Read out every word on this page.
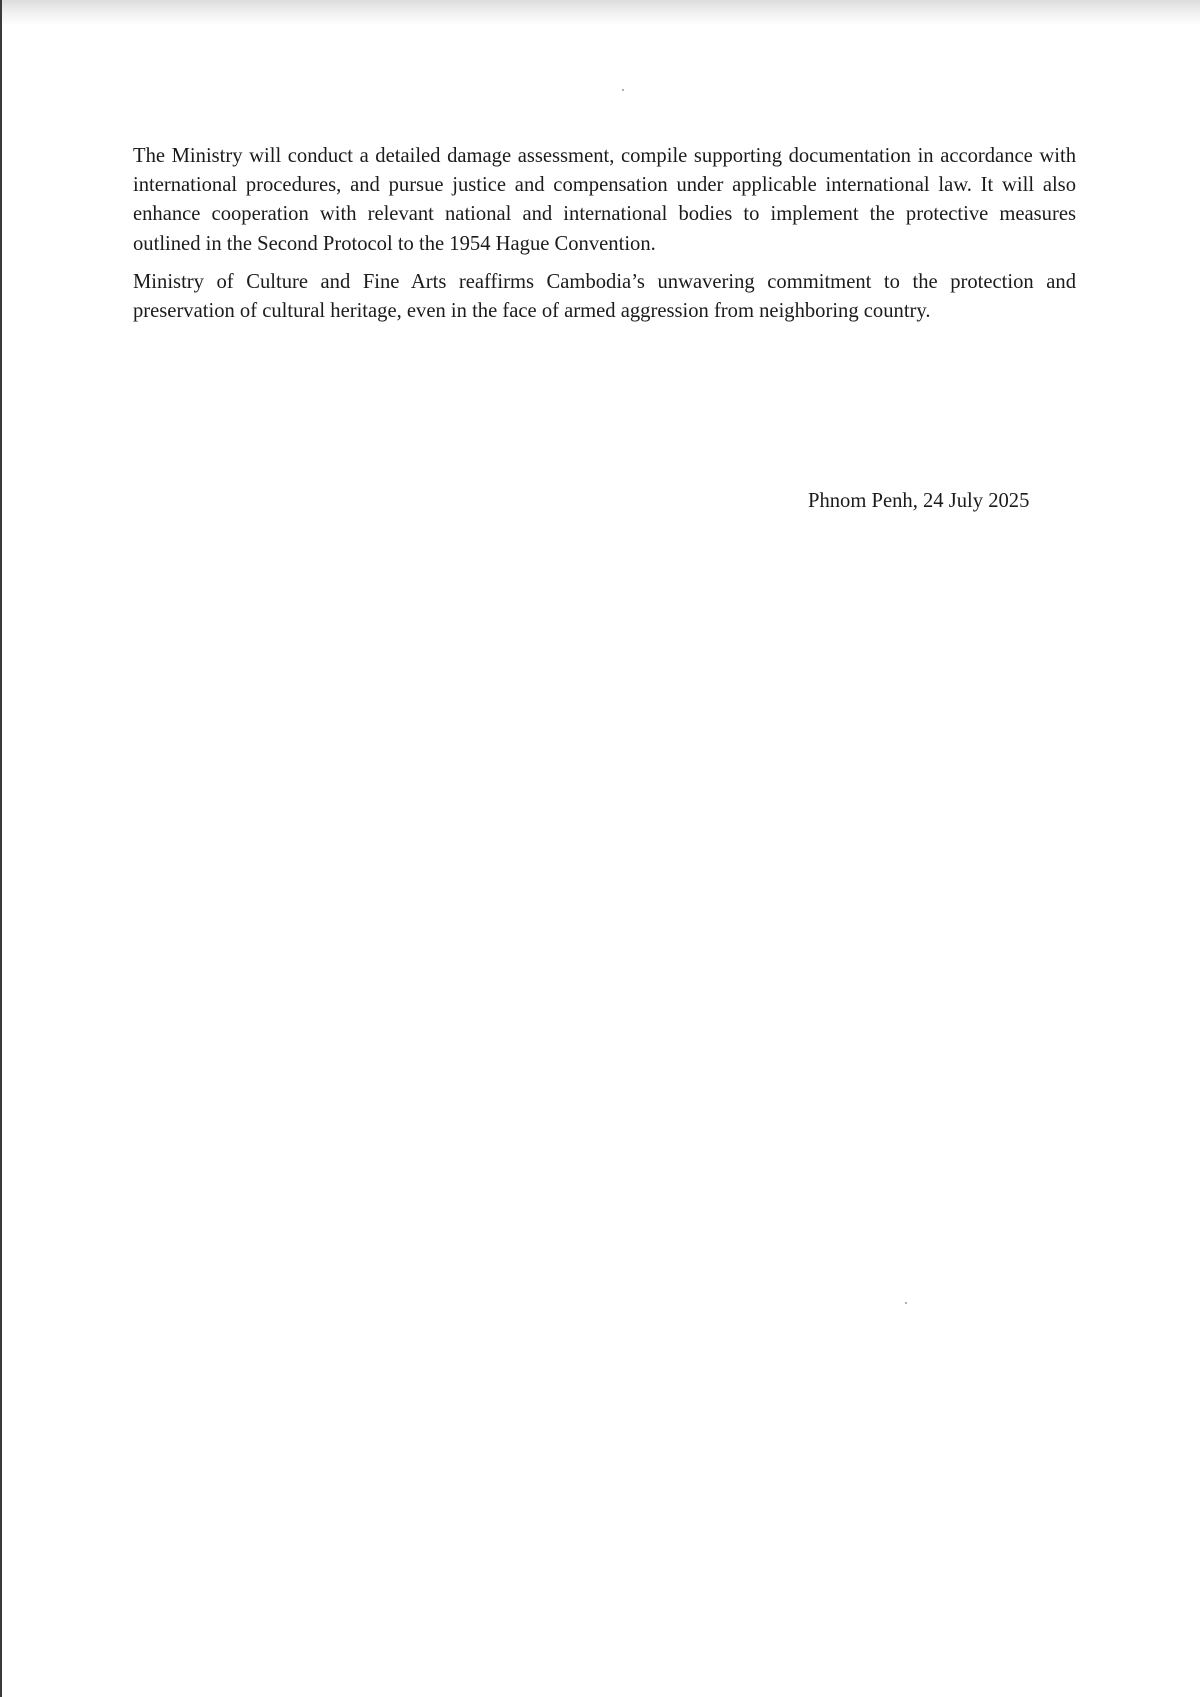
The Ministry will conduct a detailed damage assessment, compile supporting documentation in accordance with international procedures, and pursue justice and compensation under applicable international law. It will also enhance cooperation with relevant national and international bodies to implement the protective measures outlined in the Second Protocol to the 1954 Hague Convention.

Ministry of Culture and Fine Arts reaffirms Cambodia’s unwavering commitment to the protection and preservation of cultural heritage, even in the face of armed aggression from neighboring country.

Phnom Penh, 24 July 2025
